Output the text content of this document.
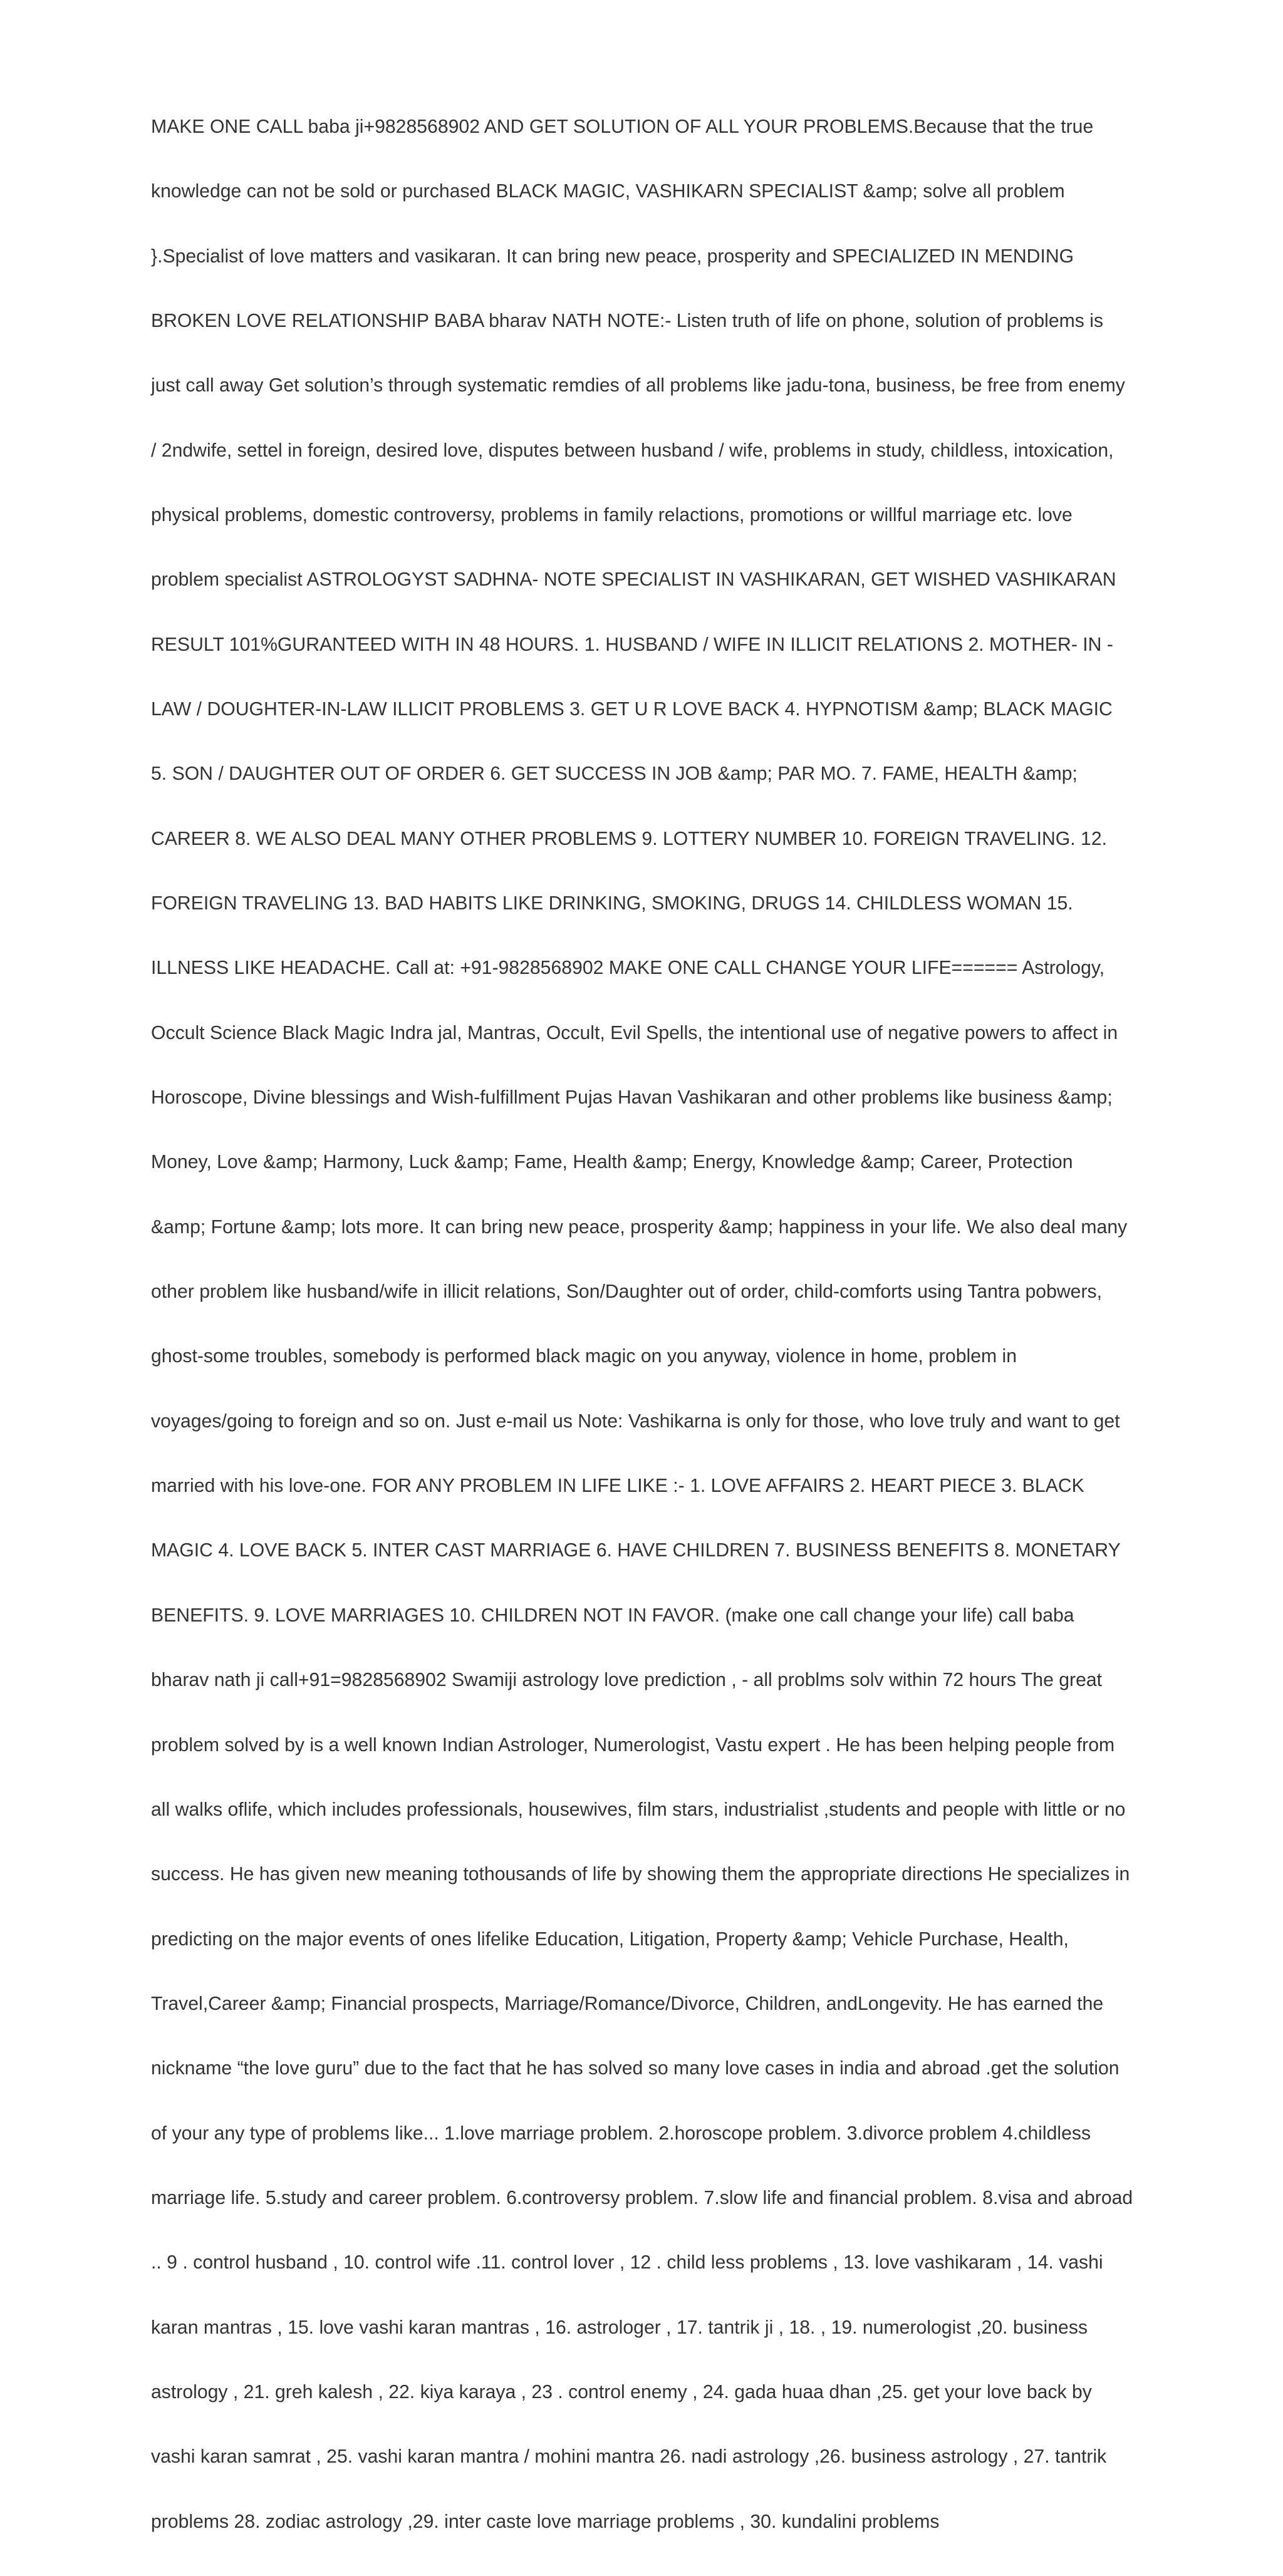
MAKE ONE CALL baba ji+9828568902 AND GET SOLUTION OF ALL YOUR PROBLEMS.Because that the true

knowledge can not be sold or purchased BLACK MAGIC, VASHIKARN SPECIALIST &amp; solve all problem

}.Specialist of love matters and vasikaran. It can bring new peace, prosperity and SPECIALIZED IN MENDING

BROKEN LOVE RELATIONSHIP BABA bharav NATH NOTE:- Listen truth of life on phone, solution of problems is

just call away Get solution’s through systematic remdies of all problems like jadu-tona, business, be free from enemy

/ 2ndwife, settel in foreign, desired love, disputes between husband / wife, problems in study, childless, intoxication,

physical problems, domestic controversy, problems in family relactions, promotions or willful marriage etc. love

problem specialist ASTROLOGYST SADHNA- NOTE SPECIALIST IN VASHIKARAN, GET WISHED VASHIKARAN

RESULT 101%GURANTEED WITH IN 48 HOURS. 1. HUSBAND / WIFE IN ILLICIT RELATIONS 2. MOTHER- IN -

LAW / DOUGHTER-IN-LAW ILLICIT PROBLEMS 3. GET U R LOVE BACK 4. HYPNOTISM &amp; BLACK MAGIC

5. SON / DAUGHTER OUT OF ORDER 6. GET SUCCESS IN JOB &amp; PAR MO. 7. FAME, HEALTH &amp;

CAREER 8. WE ALSO DEAL MANY OTHER PROBLEMS 9. LOTTERY NUMBER 10. FOREIGN TRAVELING. 12.

FOREIGN TRAVELING 13. BAD HABITS LIKE DRINKING, SMOKING, DRUGS 14. CHILDLESS WOMAN 15.

ILLNESS LIKE HEADACHE. Call at: +91-9828568902 MAKE ONE CALL CHANGE YOUR LIFE====== Astrology,

Occult Science Black Magic Indra jal, Mantras, Occult, Evil Spells, the intentional use of negative powers to affect in

Horoscope, Divine blessings and Wish-fulfillment Pujas Havan Vashikaran and other problems like business &amp;

Money, Love &amp; Harmony, Luck &amp; Fame, Health &amp; Energy, Knowledge &amp; Career, Protection

&amp; Fortune &amp; lots more. It can bring new peace, prosperity &amp; happiness in your life. We also deal many

other problem like husband/wife in illicit relations, Son/Daughter out of order, child-comforts using Tantra pobwers,

ghost-some troubles, somebody is performed black magic on you anyway, violence in home, problem in

voyages/going to foreign and so on. Just e-mail us Note: Vashikarna is only for those, who love truly and want to get

married with his love-one. FOR ANY PROBLEM IN LIFE LIKE :- 1. LOVE AFFAIRS 2. HEART PIECE 3. BLACK

MAGIC 4. LOVE BACK 5. INTER CAST MARRIAGE 6. HAVE CHILDREN 7. BUSINESS BENEFITS 8. MONETARY

BENEFITS. 9. LOVE MARRIAGES 10. CHILDREN NOT IN FAVOR. (make one call change your life) call baba

bharav nath ji call+91=9828568902 Swamiji astrology love prediction , - all problms solv within 72 hours The great

problem solved by is a well known Indian Astrologer, Numerologist, Vastu expert . He has been helping people from

all walks oflife, which includes professionals, housewives, film stars, industrialist ,students and people with little or no

success. He has given new meaning tothousands of life by showing them the appropriate directions He specializes in

predicting on the major events of ones lifelike Education, Litigation, Property &amp; Vehicle Purchase, Health,

Travel,Career &amp; Financial prospects, Marriage/Romance/Divorce, Children, andLongevity. He has earned the

nickname “the love guru” due to the fact that he has solved so many love cases in india and abroad .get the solution

of your any type of problems like... 1.love marriage problem. 2.horoscope problem. 3.divorce problem 4.childless

marriage life. 5.study and career problem. 6.controversy problem. 7.slow life and financial problem. 8.visa and abroad

.. 9 . control husband , 10. control wife .11. control lover , 12 . child less problems , 13. love vashikaram , 14. vashi

karan mantras , 15. love vashi karan mantras , 16. astrologer , 17. tantrik ji , 18. , 19. numerologist ,20. business

astrology , 21. greh kalesh , 22. kiya karaya , 23 . control enemy , 24. gada huaa dhan ,25. get your love back by

vashi karan samrat , 25. vashi karan mantra / mohini mantra 26. nadi astrology ,26. business astrology , 27. tantrik

problems 28. zodiac astrology ,29. inter caste love marriage problems , 30. kundalini problems
